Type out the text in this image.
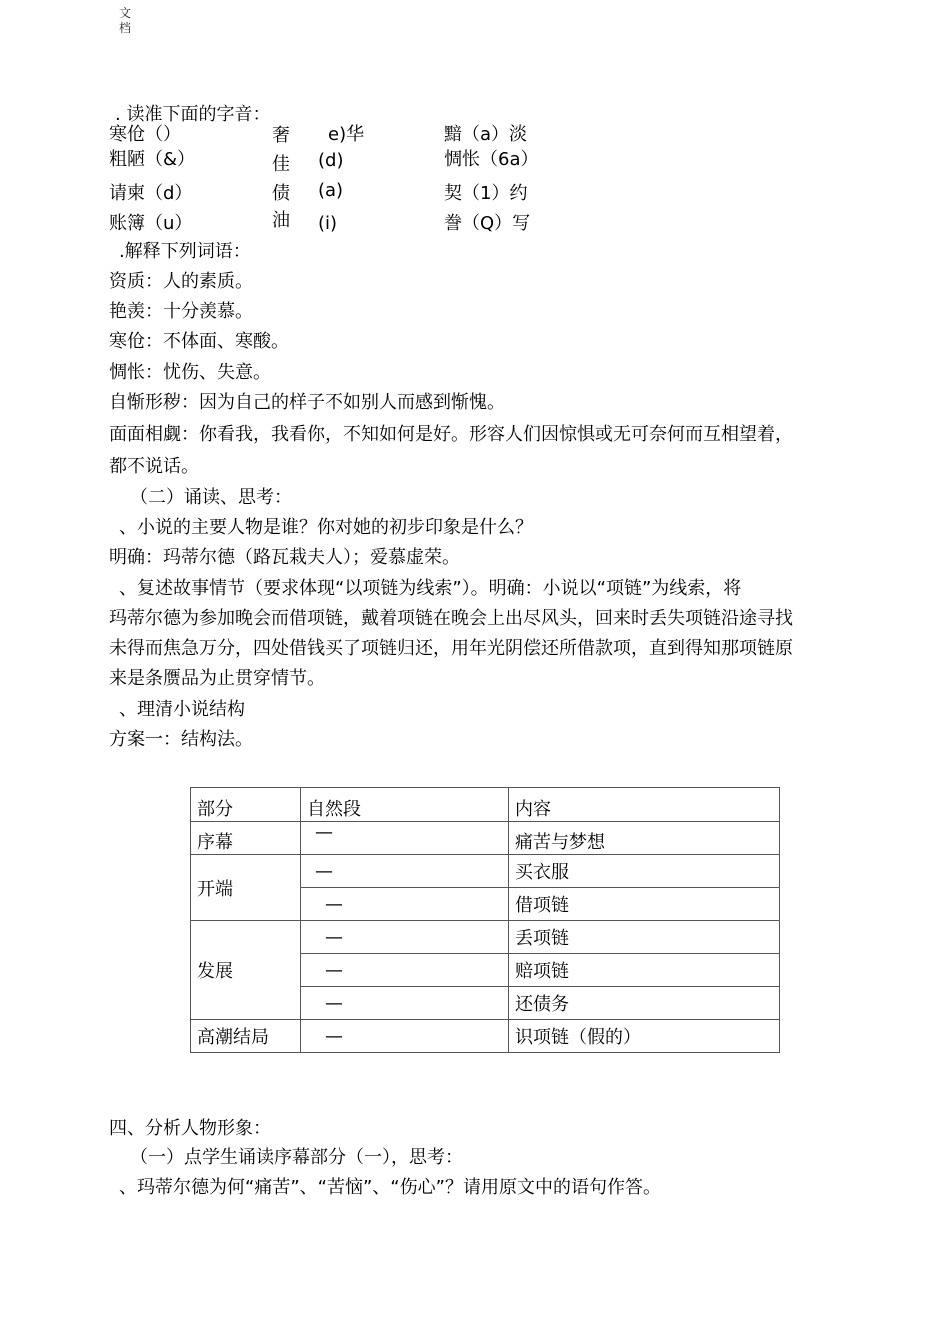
文档
. 读准下面的字音：
寒伧（）	奢 e)华	黯（a）淡
粗陋（&）	佳 (d)	惆怅（6a）
请柬（d）	债 (a)	契（1）约
账簿（u）	油 (i)	誊（Q）写
.解释下列词语：
资质：人的素质。
艳羡：十分羡慕。
寒伧：不体面、寒酸。
惆怅：忧伤、失意。
自惭形秽：因为自己的样子不如别人而感到惭愧。
面面相觑：你看我，我看你，不知如何是好。形容人们因惊惧或无可奈何而互相望着，
都不说话。
（二）诵读、思考：
、小说的主要人物是谁？你对她的初步印象是什么？
明确：玛蒂尔德（路瓦栽夫人）；爱慕虚荣。
、复述故事情节（要求体现“以项链为线索”）。明确：小说以“项链”为线索，将
玛蒂尔德为参加晚会而借项链，戴着项链在晚会上出尽风头，回来时丢失项链沿途寻找
未得而焦急万分，四处借钱买了项链归还，用年光阴偿还所借款项，直到得知那项链原
来是条赝品为止贯穿情节。
、理清小说结构
方案一：结构法。
部分	自然段	内容
序幕	—	痛苦与梦想
开端	—	买衣服
	—	借项链
发展	—	丢项链
	—	赔项链
	—	还债务
高潮结局	—	识项链（假的）
四、分析人物形象：
（一）点学生诵读序幕部分（一），思考：
、玛蒂尔德为何“痛苦”、“苦恼”、“伤心”？请用原文中的语句作答。
